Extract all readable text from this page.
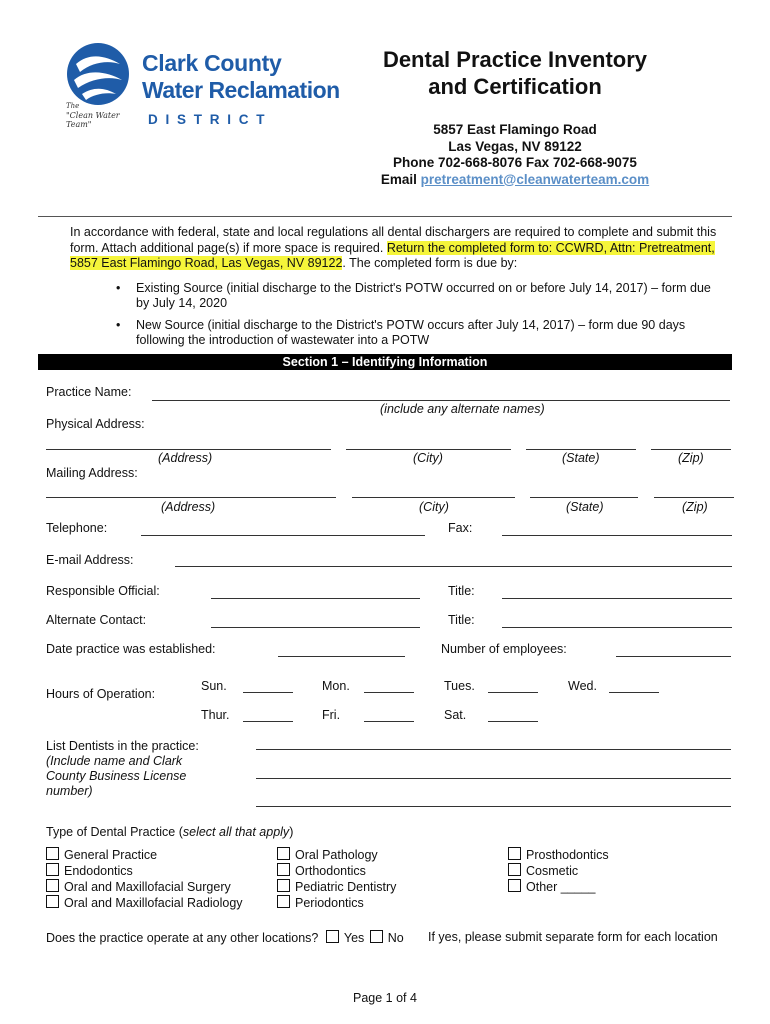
Clark County
Water Reclamation
D I S T R I C T
The
"Clean Water Team"
Dental Practice Inventory
and Certification
5857 East Flamingo Road
Las Vegas, NV 89122
Phone 702-668-8076 Fax 702-668-9075
Email pretreatment@cleanwaterteam.com
In accordance with federal, state and local regulations all dental dischargers are required to complete and submit this form. Attach additional page(s) if more space is required. Return the completed form to: CCWRD, Attn: Pretreatment, 5857 East Flamingo Road, Las Vegas, NV 89122. The completed form is due by:
• Existing Source (initial discharge to the District's POTW occurred on or before July 14, 2017) – form due by July 14, 2020
• New Source (initial discharge to the District's POTW occurs after July 14, 2017) – form due 90 days following the introduction of wastewater into a POTW
Section 1 – Identifying Information
Practice Name:
(include any alternate names)
Physical Address:
(Address)	(City)	(State)	(Zip)
Mailing Address:
(Address)	(City)	(State)	(Zip)
Telephone:	Fax:
E-mail Address:
Responsible Official:	Title:
Alternate Contact:	Title:
Date practice was established:	Number of employees:
Hours of Operation:
Sun.	Mon.	Tues.	Wed.
Thur.	Fri.	Sat.
List Dentists in the practice:
(Include name and Clark
County Business License
number)
Type of Dental Practice (select all that apply)
General Practice
Endodontics
Oral and Maxillofacial Surgery
Oral and Maxillofacial Radiology
Oral Pathology
Orthodontics
Pediatric Dentistry
Periodontics
Prosthodontics
Cosmetic
Other _____
Does the practice operate at any other locations? Yes No If yes, please submit separate form for each location
Page 1 of 4
